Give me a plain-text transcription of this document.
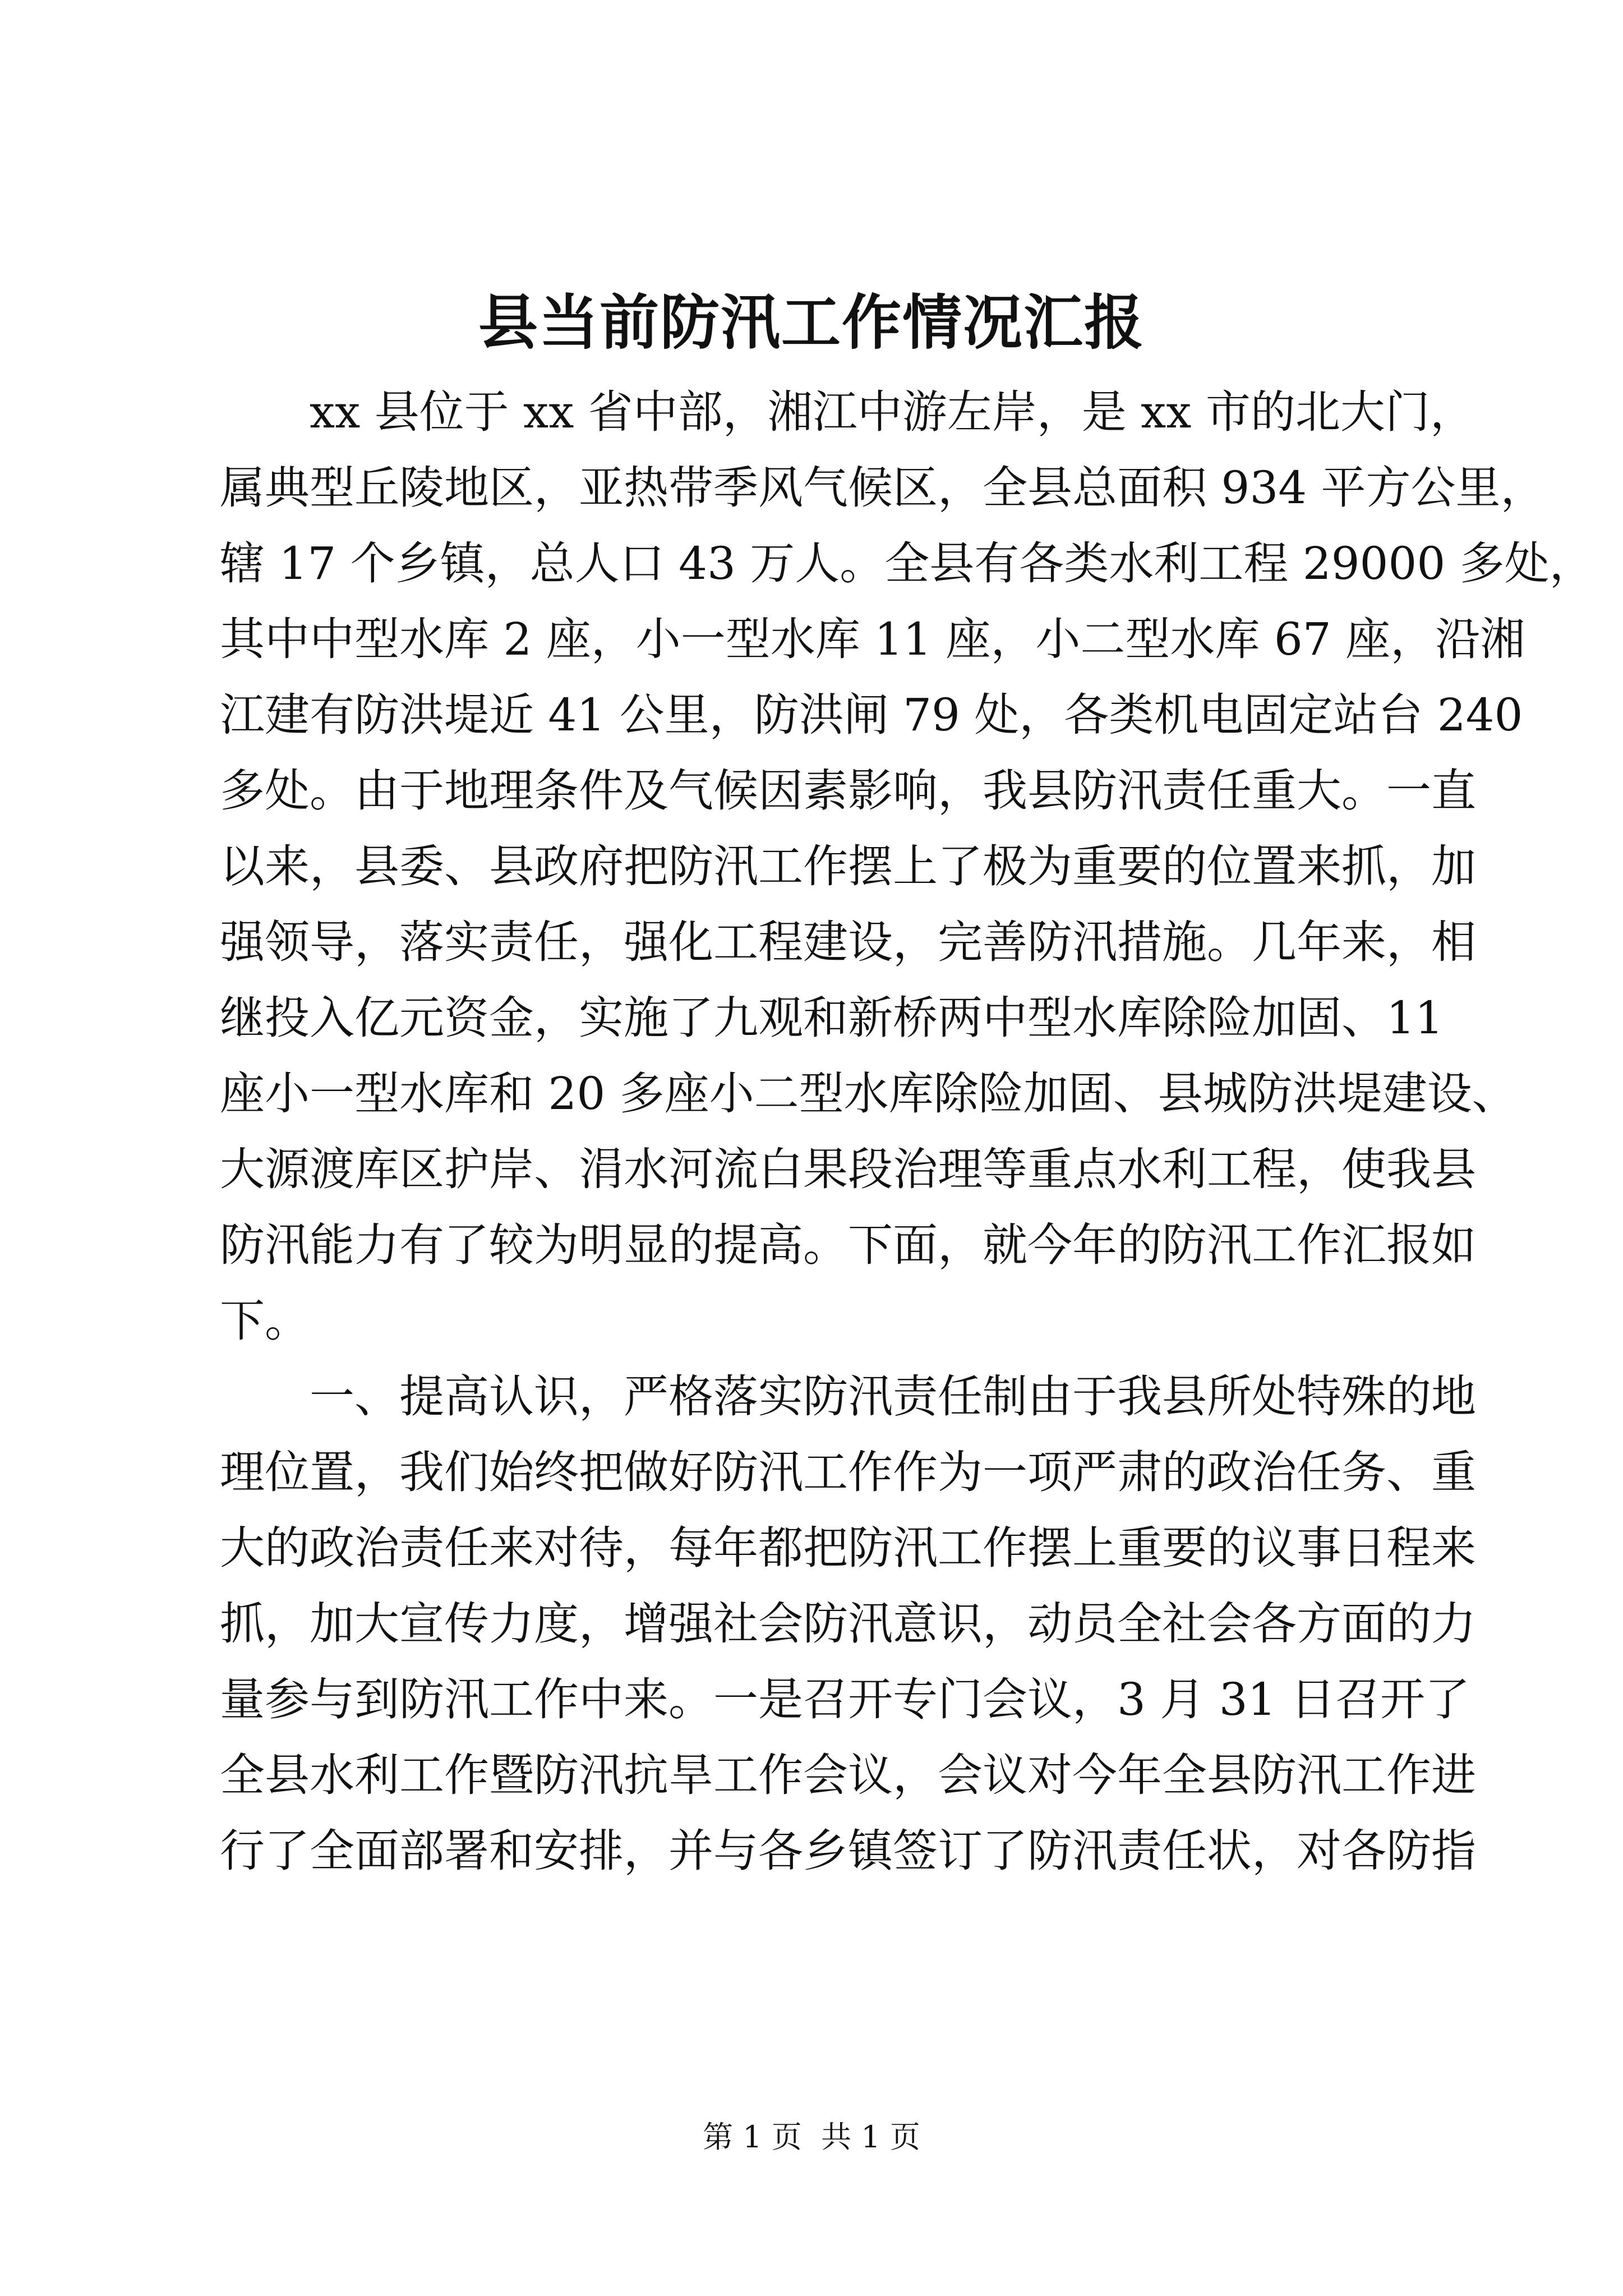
县当前防汛工作情况汇报
xx 县位于 xx 省中部，湘江中游左岸，是 xx 市的北大门，
属典型丘陵地区，亚热带季风气候区，全县总面积 934 平方公里，
辖 17 个乡镇，总人口 43 万人。全县有各类水利工程 29000 多处，
其中中型水库 2 座，小一型水库 11 座，小二型水库 67 座，沿湘
江建有防洪堤近 41 公里，防洪闸 79 处，各类机电固定站台 240
多处。由于地理条件及气候因素影响，我县防汛责任重大。一直
以来，县委、县政府把防汛工作摆上了极为重要的位置来抓，加
强领导，落实责任，强化工程建设，完善防汛措施。几年来，相
继投入亿元资金，实施了九观和新桥两中型水库除险加固、11
座小一型水库和 20 多座小二型水库除险加固、县城防洪堤建设、
大源渡库区护岸、涓水河流白果段治理等重点水利工程，使我县
防汛能力有了较为明显的提高。下面，就今年的防汛工作汇报如
下。
一、提高认识，严格落实防汛责任制由于我县所处特殊的地
理位置，我们始终把做好防汛工作作为一项严肃的政治任务、重
大的政治责任来对待，每年都把防汛工作摆上重要的议事日程来
抓，加大宣传力度，增强社会防汛意识，动员全社会各方面的力
量参与到防汛工作中来。一是召开专门会议，3 月 31 日召开了
全县水利工作暨防汛抗旱工作会议，会议对今年全县防汛工作进
行了全面部署和安排，并与各乡镇签订了防汛责任状，对各防指
第 1 页  共 1 页
